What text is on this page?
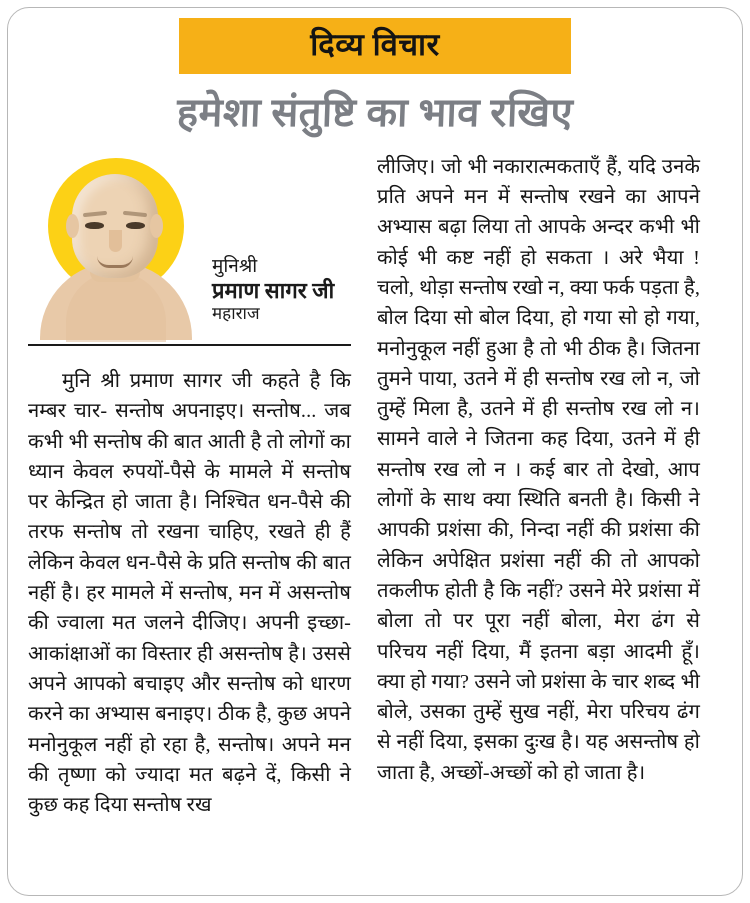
दिव्य विचार
हमेशा संतुष्टि का भाव रखिए
मुनिश्री
प्रमाण सागर जी
महाराज

मुनि श्री प्रमाण सागर जी कहते है कि नम्बर चार- सन्तोष अपनाइए। सन्तोष... जब कभी भी सन्तोष की बात आती है तो लोगों का ध्यान केवल रुपयों-पैसे के मामले में सन्तोष पर केन्द्रित हो जाता है। निश्चित धन-पैसे की तरफ सन्तोष तो रखना चाहिए, रखते ही हैं लेकिन केवल धन-पैसे के प्रति सन्तोष की बात नहीं है। हर मामले में सन्तोष, मन में असन्तोष की ज्वाला मत जलने दीजिए। अपनी इच्छा-आकांक्षाओं का विस्तार ही असन्तोष है। उससे अपने आपको बचाइए और सन्तोष को धारण करने का अभ्यास बनाइए। ठीक है, कुछ अपने मनोनुकूल नहीं हो रहा है, सन्तोष। अपने मन की तृष्णा को ज्यादा मत बढ़ने दें, किसी ने कुछ कह दिया सन्तोष रख

लीजिए। जो भी नकारात्मकताएँ हैं, यदि उनके प्रति अपने मन में सन्तोष रखने का आपने अभ्यास बढ़ा लिया तो आपके अन्दर कभी भी कोई भी कष्ट नहीं हो सकता । अरे भैया ! चलो, थोड़ा सन्तोष रखो न, क्या फर्क पड़ता है, बोल दिया सो बोल दिया, हो गया सो हो गया, मनोनुकूल नहीं हुआ है तो भी ठीक है। जितना तुमने पाया, उतने में ही सन्तोष रख लो न, जो तुम्हें मिला है, उतने में ही सन्तोष रख लो न। सामने वाले ने जितना कह दिया, उतने में ही सन्तोष रख लो न । कई बार तो देखो, आप लोगों के साथ क्या स्थिति बनती है। किसी ने आपकी प्रशंसा की, निन्दा नहीं की प्रशंसा की लेकिन अपेक्षित प्रशंसा नहीं की तो आपको तकलीफ होती है कि नहीं? उसने मेरे प्रशंसा में बोला तो पर पूरा नहीं बोला, मेरा ढंग से परिचय नहीं दिया, मैं इतना बड़ा आदमी हूँ। क्या हो गया? उसने जो प्रशंसा के चार शब्द भी बोले, उसका तुम्हें सुख नहीं, मेरा परिचय ढंग से नहीं दिया, इसका दुःख है। यह असन्तोष हो जाता है, अच्छों-अच्छों को हो जाता है।
